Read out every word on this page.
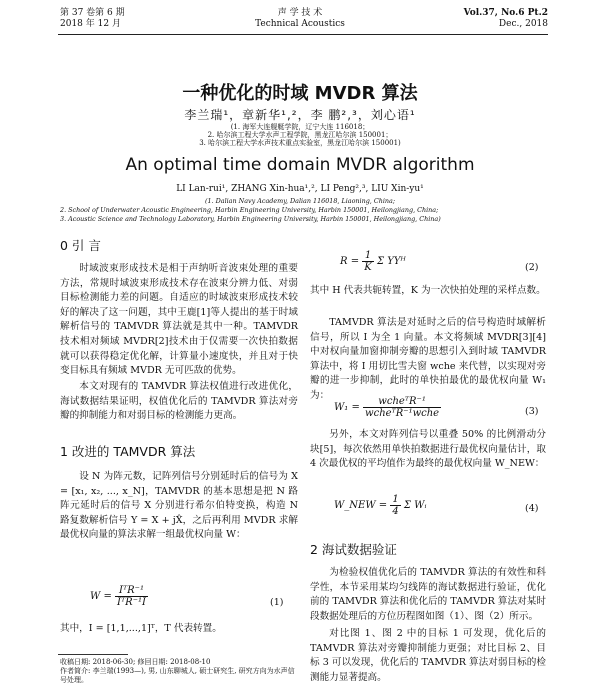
第 37 卷第 6 期
2018 年 12 月
声 学 技 术
Technical Acoustics
Vol.37, No.6 Pt.2
Dec., 2018
一种优化的时域 MVDR 算法
李兰瑞¹，章新华¹,²，李 鹏²,³，刘心语¹
(1. 海军大连舰艇学院，辽宁大连 116018；
2. 哈尔滨工程大学水声工程学院，黑龙江哈尔滨 150001；
3. 哈尔滨工程大学水声技术重点实验室，黑龙江哈尔滨 150001)
An optimal time domain MVDR algorithm
LI Lan-rui¹, ZHANG Xin-hua¹,², LI Peng²,³, LIU Xin-yu¹
(1. Dalian Navy Academy, Dalian 116018, Liaoning, China;
2. School of Underwater Acoustic Engineering, Harbin Engineering University, Harbin 150001, Heilongjiang, China;
3. Acoustic Science and Technology Laboratory, Harbin Engineering University, Harbin 150001, Heilongjiang, China)
0 引 言
时域波束形成技术是相于声纳听音波束处理的重要方法，常规时域波束形成技术存在波束分辨力低、对弱目标检测能力差的问题。自适应的时域波束形成技术较好的解决了这一问题，其中王鹿[1]等人提出的基于时域解析信号的 TAMVDR 算法就是其中一种。TAMVDR 技术相对频域 MVDR[2]技术由于仅需要一次快拍数据就可以获得稳定优化解，计算量小速度快，并且对于快变目标具有频域 MVDR 无可匹敌的优势。
本文对现有的 TAMVDR 算法权值进行改进优化，海试数据结果证明，权值优化后的 TAMVDR 算法对旁瓣的抑制能力和对弱目标的检测能力更高。
1 改进的 TAMVDR 算法
设 N 为阵元数，记阵列信号分别延时后的信号为 X = [x₁, x₂, ..., x_N]，TAMVDR 的基本思想是把 N 路阵元延时后的信号 X 分别进行希尔伯特变换，构造 N 路复数解析信号 Y = X + jX̂，之后再利用 MVDR 求解最优权向量的算法求解一组最优权向量 W：
$W = \frac{\text{IᵀR⁻¹}}{\text{IᵀR⁻¹I}}$	(1)
其中，I = [1,1,...,1]ᵀ，T 代表转置。
收稿日期: 2018-06-30; 修回日期: 2018-08-10
作者简介: 李兰瑞(1993—), 男, 山东聊城人, 硕士研究生, 研究方向为水声信号处理。
$R = \frac{1}{K}$ Σ YYᴴ
(2)
其中 H 代表共轭转置，K 为一次快拍处理的采样点数。
TAMVDR 算法是对延时之后的信号构造时域解析信号，所以 I 为全 1 向量。本文将频域 MVDR[3][4]中对权向量加窗抑制旁瓣的思想引入到时域 TAMVDR 算法中，将 I 用切比雪夫窗 wche 来代替，以实现对旁瓣的进一步抑制，此时的单快拍最优的最优权向量 W₁ 为：
$W_1 = \frac{\text{wcheᵀR⁻¹}}{\text{wcheᵀR⁻¹wche}}$	(3)
另外，本文对阵列信号以重叠 50% 的比例滑动分块[5]，每次依然用单快拍数据进行最优权向量估计，取 4 次最优权的平均值作为最终的最优权向量 W_NEW：
W_NEW = $\frac{1}{4}$ Σ Wᵢ	(4)
2 海试数据验证
为检验权值优化后的 TAMVDR 算法的有效性和科学性，本节采用某均匀线阵的海试数据进行验证，优化前的 TAMVDR 算法和优化后的 TAMVDR 算法对某时段数据处理后的方位历程图如图（1）、图（2）所示。
对比图 1、图 2 中的目标 1 可发现，优化后的 TAMVDR 算法对旁瓣抑制能力更强；对比目标 2、目标 3 可以发现，优化后的 TAMVDR 算法对弱目标的检测能力显著提高。
